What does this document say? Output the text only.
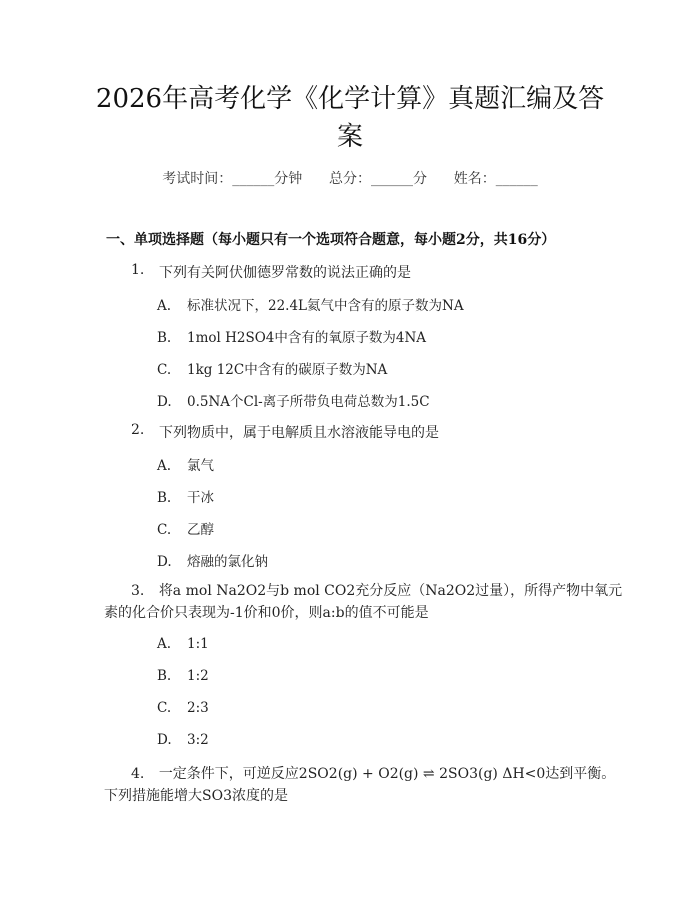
2026年高考化学《化学计算》真题汇编及答
案
考试时间：______分钟      总分：______分      姓名：______
一、单项选择题（每小题只有一个选项符合题意，每小题2分，共16分）
1. 下列有关阿伏伽德罗常数的说法正确的是
A. 标准状况下，22.4L氦气中含有的原子数为NA
B. 1mol H2SO4中含有的氧原子数为4NA
C. 1kg 12C中含有的碳原子数为NA
D. 0.5NA个Cl-离子所带负电荷总数为1.5C
2. 下列物质中，属于电解质且水溶液能导电的是
A. 氯气
B. 干冰
C. 乙醇
D. 熔融的氯化钠
3. 将a mol Na2O2与b mol CO2充分反应（Na2O2过量），所得产物中氧元
素的化合价只表现为-1价和0价，则a:b的值不可能是
A. 1:1
B. 1:2
C. 2:3
D. 3:2
4. 一定条件下，可逆反应2SO2(g) + O2(g) ⇌ 2SO3(g) ΔH<0达到平衡。
下列措施能增大SO3浓度的是
